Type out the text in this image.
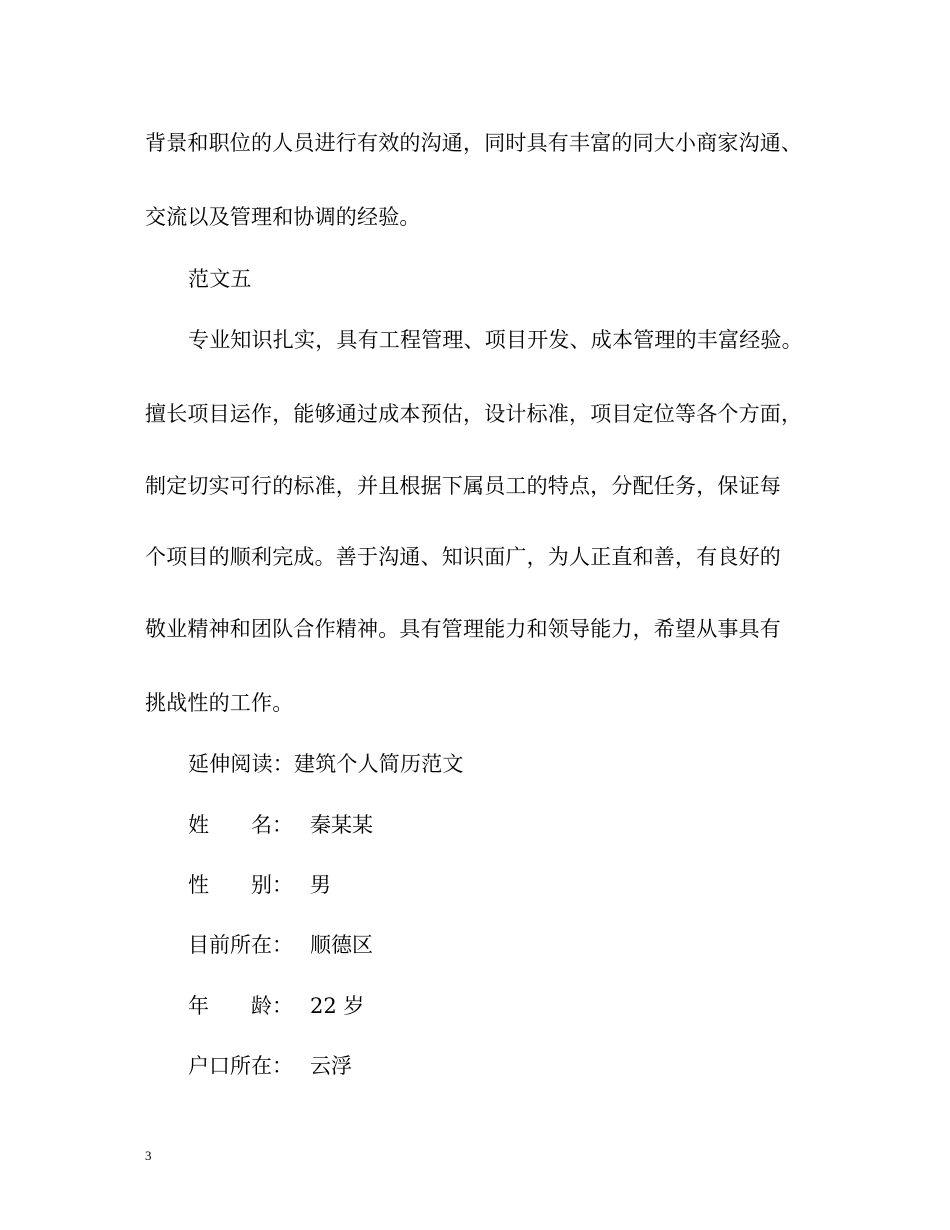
背景和职位的人员进行有效的沟通，同时具有丰富的同大小商家沟通、
交流以及管理和协调的经验。
范文五
专业知识扎实，具有工程管理、项目开发、成本管理的丰富经验。
擅长项目运作，能够通过成本预估，设计标准，项目定位等各个方面，
制定切实可行的标准，并且根据下属员工的特点，分配任务，保证每
个项目的顺利完成。善于沟通、知识面广，为人正直和善，有良好的
敬业精神和团队合作精神。具有管理能力和领导能力，希望从事具有
挑战性的工作。
延伸阅读：建筑个人简历范文
姓　　名： 秦某某
性　　别： 男
目前所在： 顺德区
年　　龄： 22 岁
户口所在： 云浮
3
